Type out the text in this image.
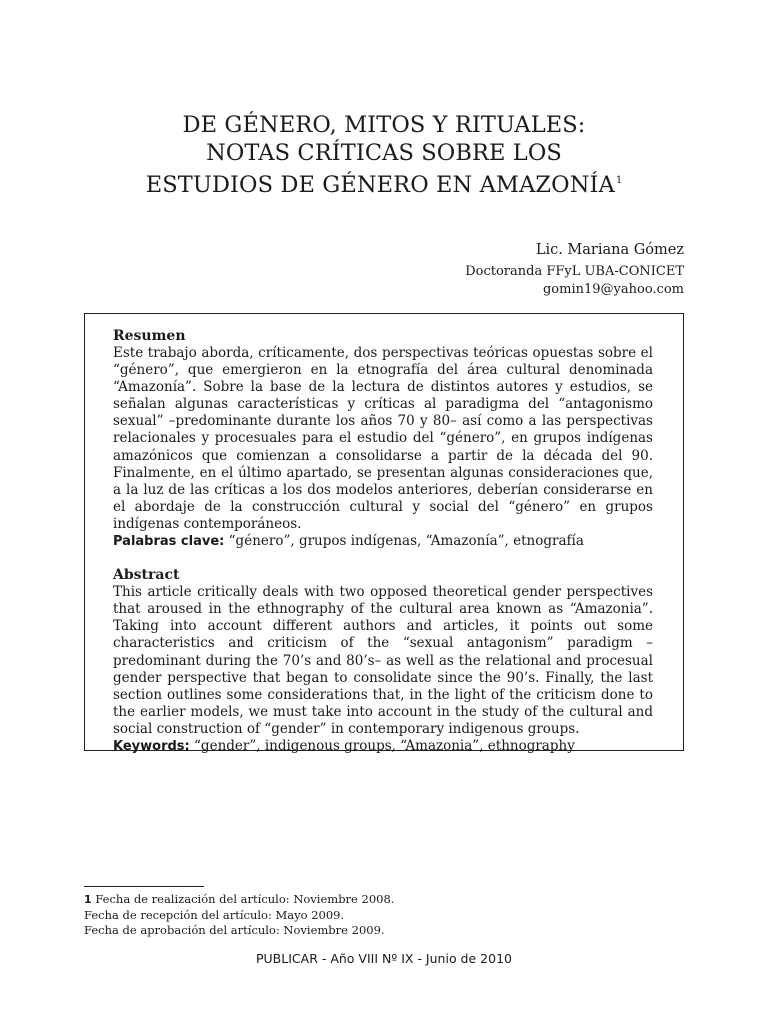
DE GÉNERO, MITOS Y RITUALES:
NOTAS CRÍTICAS SOBRE LOS
ESTUDIOS DE GÉNERO EN AMAZONÍA$^1$
Lic. Mariana Gómez
Doctoranda FFyL UBA-CONICET
gomin19@yahoo.com
Resumen
Este trabajo aborda, críticamente, dos perspectivas teóricas opuestas sobre el “género”, que emergieron en la etnografía del área cultural denominada “Amazonía”. Sobre la base de la lectura de distintos autores y estudios, se señalan algunas características y críticas al paradigma del “antagonismo sexual” –predominante durante los años 70 y 80– así como a las perspectivas relacionales y procesuales para el estudio del “género”, en grupos indígenas amazónicos que comienzan a consolidarse a partir de la década del 90. Finalmente, en el último apartado, se presentan algunas consideraciones que, a la luz de las críticas a los dos modelos anteriores, deberían considerarse en el abordaje de la construcción cultural y social del “género” en grupos indígenas contemporáneos.
Palabras clave: “género”, grupos indígenas, “Amazonía”, etnografía
Abstract
This article critically deals with two opposed theoretical gender perspectives that aroused in the ethnography of the cultural area known as “Amazonia”. Taking into account different authors and articles, it points out some characteristics and criticism of the “sexual antagonism” paradigm –predominant during the 70’s and 80’s– as well as the relational and procesual gender perspective that began to consolidate since the 90’s. Finally, the last section outlines some considerations that, in the light of the criticism done to the earlier models, we must take into account in the study of the cultural and social construction of “gender” in contemporary indigenous groups.
Keywords: “gender”, indigenous groups, “Amazonia”, ethnography
1 Fecha de realización del artículo: Noviembre 2008.
Fecha de recepción del artículo: Mayo 2009.
Fecha de aprobación del artículo: Noviembre 2009.
PUBLICAR - Año VIII Nº IX - Junio de 2010
